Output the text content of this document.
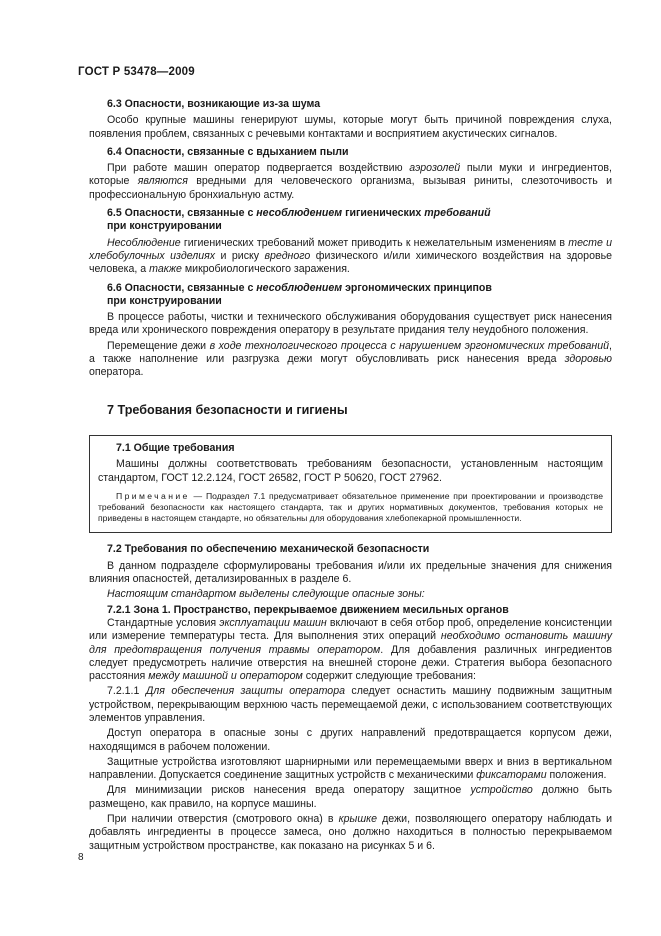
ГОСТ Р 53478—2009
6.3 Опасности, возникающие из-за шума
Особо крупные машины генерируют шумы, которые могут быть причиной повреждения слуха, появления проблем, связанных с речевыми контактами и восприятием акустических сигналов.
6.4 Опасности, связанные с вдыханием пыли
При работе машин оператор подвергается воздействию аэрозолей пыли муки и ингредиентов, которые являются вредными для человеческого организма, вызывая риниты, слезоточивость и профессиональную бронхиальную астму.
6.5 Опасности, связанные с несоблюдением гигиенических требований
при конструировании
Несоблюдение гигиенических требований может приводить к нежелательным изменениям в тесте и хлебобулочных изделиях и риску вредного физического и/или химического воздействия на здоровье человека, а также микробиологического заражения.
6.6 Опасности, связанные с несоблюдением эргономических принципов
при конструировании
В процессе работы, чистки и технического обслуживания оборудования существует риск нанесения вреда или хронического повреждения оператору в результате придания телу неудобного положения.
Перемещение дежи в ходе технологического процесса с нарушением эргономических требований, а также наполнение или разгрузка дежи могут обусловливать риск нанесения вреда здоровью оператора.
7 Требования безопасности и гигиены
7.1 Общие требования
Машины должны соответствовать требованиям безопасности, установленным настоящим стандартом, ГОСТ 12.2.124, ГОСТ 26582, ГОСТ Р 50620, ГОСТ 27962.
Примечание — Подраздел 7.1 предусматривает обязательное применение при проектировании и производстве требований безопасности как настоящего стандарта, так и других нормативных документов, требования которых не приведены в настоящем стандарте, но обязательны для оборудования хлебопекарной промышленности.
7.2 Требования по обеспечению механической безопасности
В данном подразделе сформулированы требования и/или их предельные значения для снижения влияния опасностей, детализированных в разделе 6.
Настоящим стандартом выделены следующие опасные зоны:
7.2.1 Зона 1. Пространство, перекрываемое движением месильных органов
Стандартные условия эксплуатации машин включают в себя отбор проб, определение консистенции или измерение температуры теста. Для выполнения этих операций необходимо остановить машину для предотвращения получения травмы оператором. Для добавления различных ингредиентов следует предусмотреть наличие отверстия на внешней стороне дежи. Стратегия выбора безопасного расстояния между машиной и оператором содержит следующие требования:
7.2.1.1 Для обеспечения защиты оператора следует оснастить машину подвижным защитным устройством, перекрывающим верхнюю часть перемещаемой дежи, с использованием соответствующих элементов управления.
Доступ оператора в опасные зоны с других направлений предотвращается корпусом дежи, находящимся в рабочем положении.
Защитные устройства изготовляют шарнирными или перемещаемыми вверх и вниз в вертикальном направлении. Допускается соединение защитных устройств с механическими фиксаторами положения.
Для минимизации рисков нанесения вреда оператору защитное устройство должно быть размещено, как правило, на корпусе машины.
При наличии отверстия (смотрового окна) в крышке дежи, позволяющего оператору наблюдать и добавлять ингредиенты в процессе замеса, оно должно находиться в полностью перекрываемом защитным устройством пространстве, как показано на рисунках 5 и 6.
8
